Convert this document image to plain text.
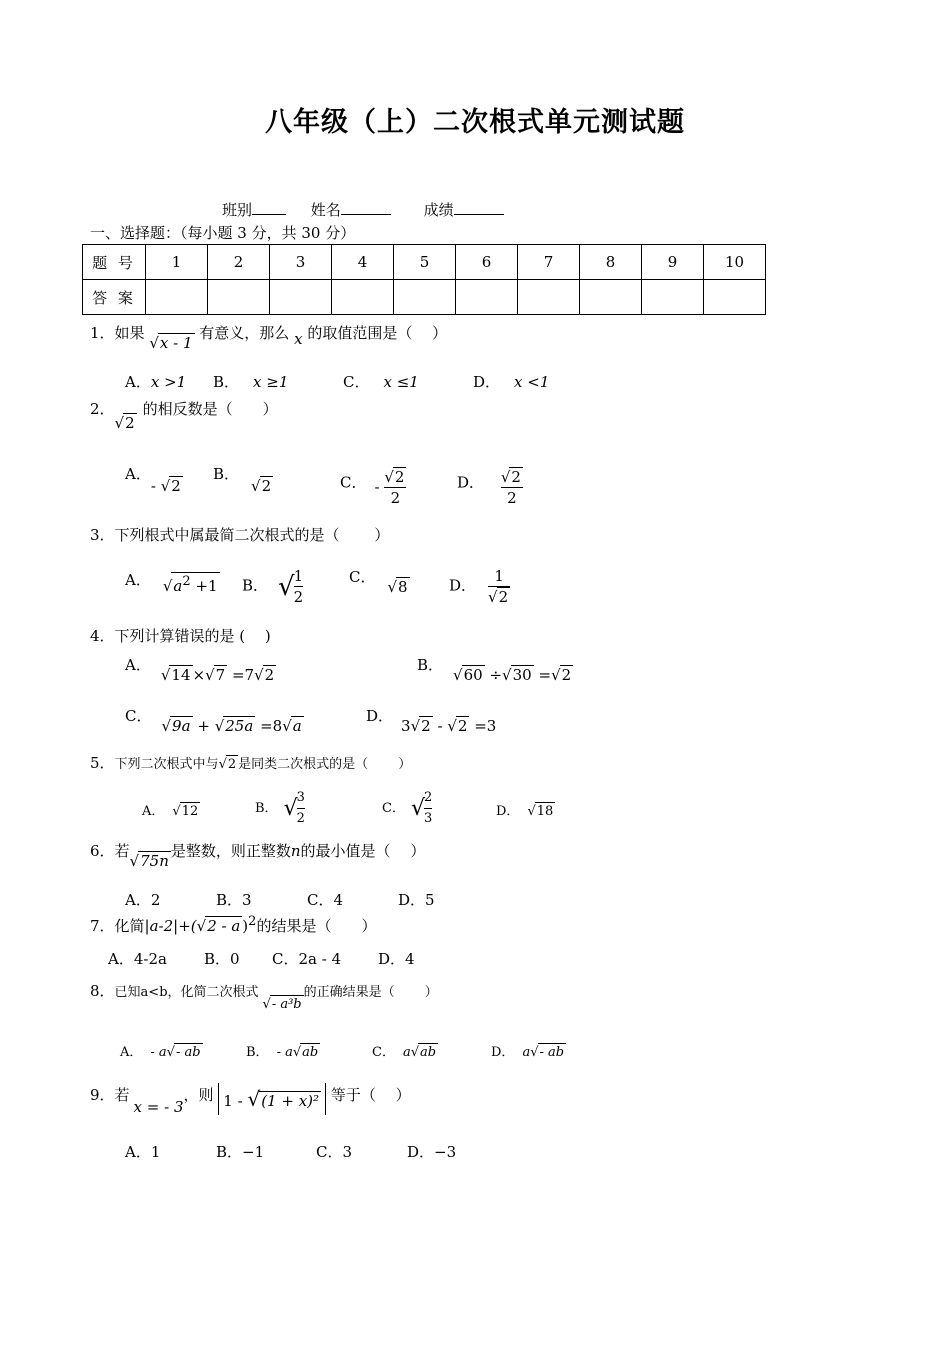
八年级（上）二次根式单元测试题
班别	姓名	成绩
一、选择题：（每小题 3 分，共 30 分）
题 号	1	2	3	4	5	6	7	8	9	10
答 案										
1．如果 √x - 1 有意义，那么 x 的取值范围是（　 ）
A．x >1 B． x ≥1	C． x ≤1	D． x <1
2．√2的相反数是（　　）
A．- √2
B．√2	C． - $\frac{√2}{2}$	D． $\frac{√2}{2}$
3．下列根式中属最简二次根式的是（　　 ）
A． $√a^2 +1$ B． √ $\frac{1}{2}$	C．√8	D． $\frac{1}{√2}$
4．下列计算错误的是 (　 )
A．√14 ×√7 =7√2
B．√60 ÷√30 =√2
C．√9a + √25a =8√a
D．3√2 - √2 =3
5．下列二次根式中与√2 是同类二次根式的是（　　 ）
A． √12	B． √ $\frac{3}{2}$	C． √ $\frac{2}{3}$	D． √18
6．若√75n是整数，则正整数n的最小值是（　 ）
A．2	B．3	C．4	D．5
7．化简|a-2|+(√2 - a )$^2$的结果是（　　）
A．4-2a B．0 C．2a - 4 D．4
8．已知a<b，化简二次根式√- a³b的正确结果是（　　 ）
A． - a√- ab	B． - a√ab	C． a√ab	D． a√- ab
9．若x = - 3，则 1 - √(1 + x)² 等于（　 ）
A．1	B．−1	C．3	D．−3
